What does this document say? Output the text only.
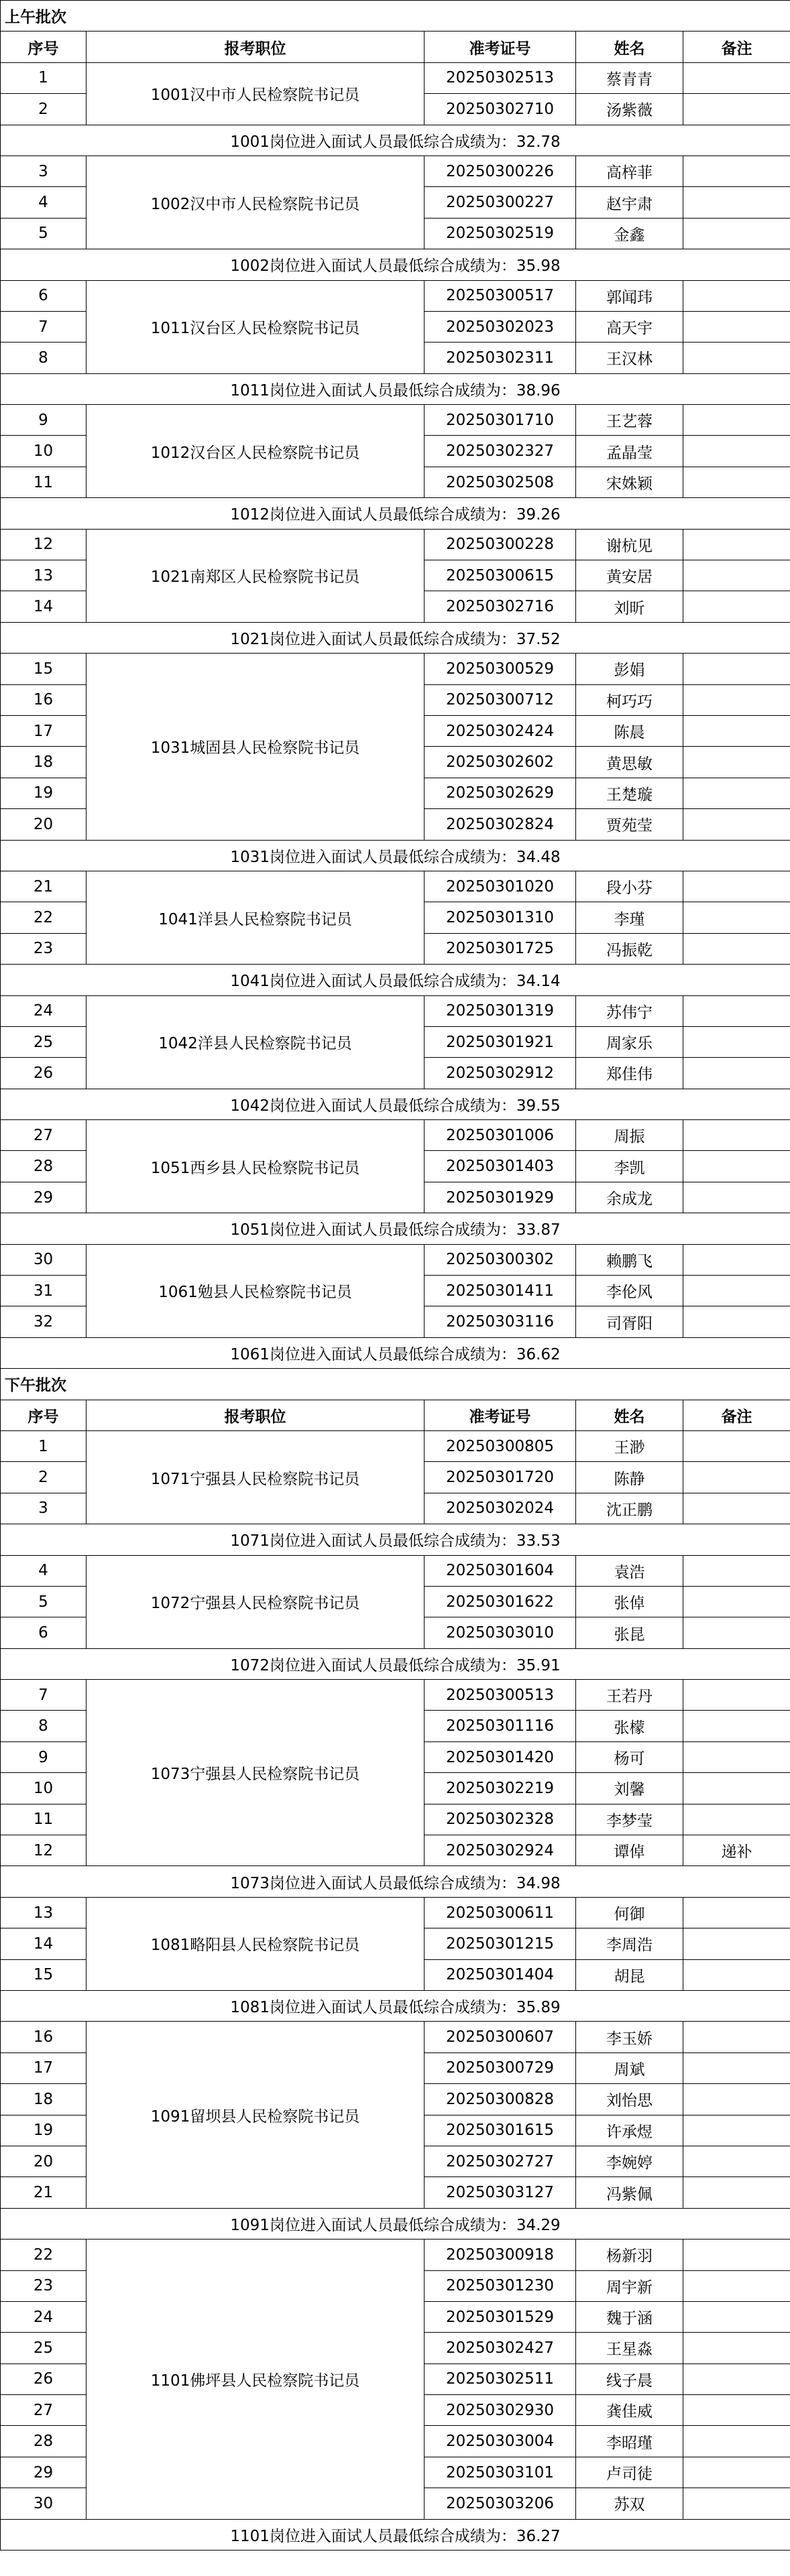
上午批次				
序号	报考职位	准考证号	姓名	备注
1	1001汉中市人民检察院书记员	20250302513	蔡青青	
2		20250302710	汤紫薇	
1001岗位进入面试人员最低综合成绩为：32.78				
3	1002汉中市人民检察院书记员	20250300226	高梓菲	
4		20250300227	赵宇肃	
5		20250302519	金鑫	
1002岗位进入面试人员最低综合成绩为：35.98				
6	1011汉台区人民检察院书记员	20250300517	郭闻玮	
7		20250302023	高天宇	
8		20250302311	王汉林	
1011岗位进入面试人员最低综合成绩为：38.96				
9	1012汉台区人民检察院书记员	20250301710	王艺蓉	
10		20250302327	孟晶莹	
11		20250302508	宋姝颖	
1012岗位进入面试人员最低综合成绩为：39.26				
12	1021南郑区人民检察院书记员	20250300228	谢杭见	
13		20250300615	黄安居	
14		20250302716	刘昕	
1021岗位进入面试人员最低综合成绩为：37.52				
15	1031城固县人民检察院书记员	20250300529	彭娟	
16		20250300712	柯巧巧	
17		20250302424	陈晨	
18		20250302602	黄思敏	
19		20250302629	王楚璇	
20		20250302824	贾苑莹	
1031岗位进入面试人员最低综合成绩为：34.48				
21	1041洋县人民检察院书记员	20250301020	段小芬	
22		20250301310	李瑾	
23		20250301725	冯振乾	
1041岗位进入面试人员最低综合成绩为：34.14				
24	1042洋县人民检察院书记员	20250301319	苏伟宁	
25		20250301921	周家乐	
26		20250302912	郑佳伟	
1042岗位进入面试人员最低综合成绩为：39.55				
27	1051西乡县人民检察院书记员	20250301006	周振	
28		20250301403	李凯	
29		20250301929	余成龙	
1051岗位进入面试人员最低综合成绩为：33.87				
30	1061勉县人民检察院书记员	20250300302	赖鹏飞	
31		20250301411	李伦风	
32		20250303116	司胥阳	
1061岗位进入面试人员最低综合成绩为：36.62				
下午批次				
序号	报考职位	准考证号	姓名	备注
1	1071宁强县人民检察院书记员	20250300805	王渺	
2		20250301720	陈静	
3		20250302024	沈正鹏	
1071岗位进入面试人员最低综合成绩为：33.53				
4	1072宁强县人民检察院书记员	20250301604	袁浩	
5		20250301622	张倬	
6		20250303010	张昆	
1072岗位进入面试人员最低综合成绩为：35.91				
7	1073宁强县人民检察院书记员	20250300513	王若丹	
8		20250301116	张檬	
9		20250301420	杨可	
10		20250302219	刘馨	
11		20250302328	李梦莹	
12		20250302924	谭倬	递补
1073岗位进入面试人员最低综合成绩为：34.98				
13	1081略阳县人民检察院书记员	20250300611	何御	
14		20250301215	李周浩	
15		20250301404	胡昆	
1081岗位进入面试人员最低综合成绩为：35.89				
16	1091留坝县人民检察院书记员	20250300607	李玉娇	
17		20250300729	周斌	
18		20250300828	刘怡思	
19		20250301615	许承煜	
20		20250302727	李婉婷	
21		20250303127	冯紫佩	
1091岗位进入面试人员最低综合成绩为：34.29				
22	1101佛坪县人民检察院书记员	20250300918	杨新羽	
23		20250301230	周宇新	
24		20250301529	魏于涵	
25		20250302427	王星淼	
26		20250302511	线子晨	
27		20250302930	龚佳威	
28		20250303004	李昭瑾	
29		20250303101	卢司徒	
30		20250303206	苏双	
1101岗位进入面试人员最低综合成绩为：36.27				
